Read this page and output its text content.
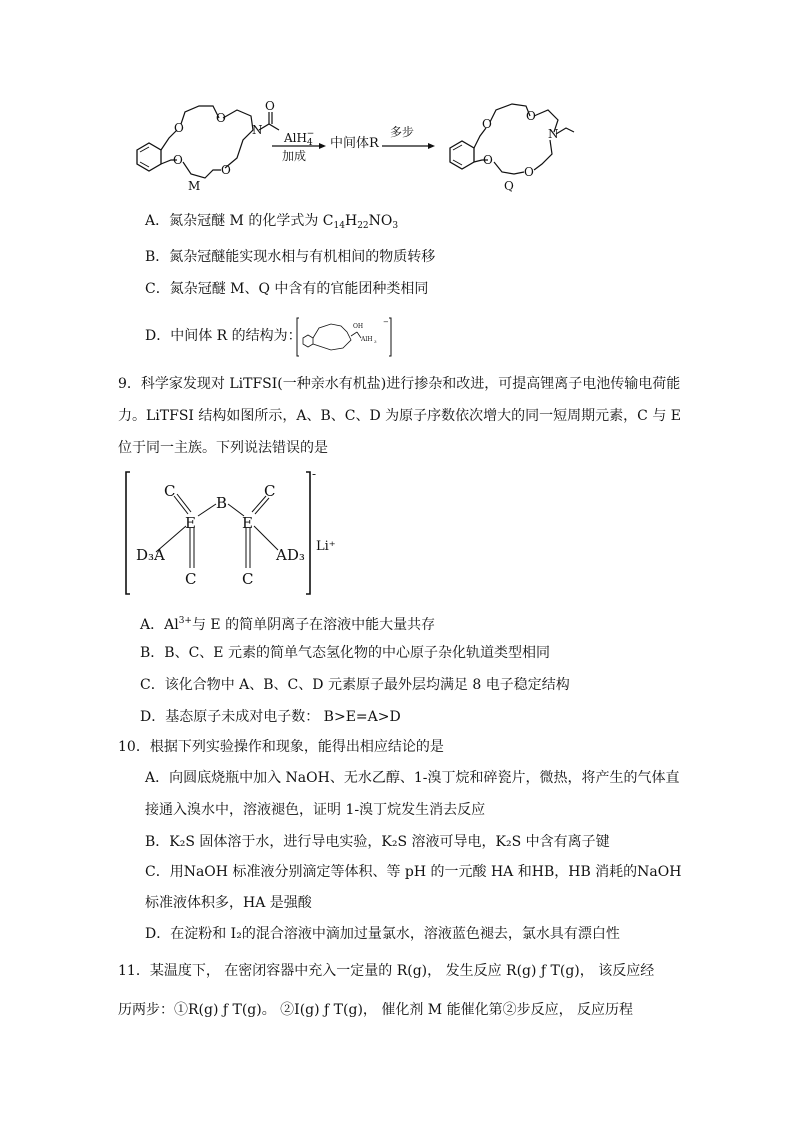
O
O
O
O
N
O
M
AlH$_4$−
加成
中间体R
多步
O
O
O
O
N
Q
A．氮杂冠醚 M 的化学式为 $C_{14}H_{22}NO_3$
B．氮杂冠醚能实现水相与有机相间的物质转移
C．氮杂冠醚 M、Q 中含有的官能团种类相同
D．中间体 R 的结构为：
OH
AlH 3
−
9．科学家发现对 LiTFSI(一种亲水有机盐)进行掺杂和改进，可提高锂离子电池传输电荷能
力。LiTFSI 结构如图所示，A、B、C、D 为原子序数依次增大的同一短周期元素，C 与 E
位于同一主族。下列说法错误的是
C
B
C
E	E
D₃A	AD₃
C	C
-
Li⁺
A．$Al^{3+}$与 E 的简单阴离子在溶液中能大量共存
B．B、C、E 元素的简单气态氢化物的中心原子杂化轨道类型相同
C．该化合物中 A、B、C、D 元素原子最外层均满足 8 电子稳定结构
D．基态原子未成对电子数： B>E=A>D
10．根据下列实验操作和现象，能得出相应结论的是
A．向圆底烧瓶中加入 NaOH、无水乙醇、1-溴丁烷和碎瓷片，微热，将产生的气体直
接通入溴水中，溶液褪色，证明 1-溴丁烷发生消去反应
B．K₂S 固体溶于水，进行导电实验，K₂S 溶液可导电，K₂S 中含有离子键
C．用NaOH 标准液分别滴定等体积、等 pH 的一元酸 HA 和HB，HB 消耗的NaOH
标准液体积多，HA 是强酸
D．在淀粉和 I₂的混合溶液中滴加过量氯水，溶液蓝色褪去，氯水具有漂白性
11．某温度下， 在密闭容器中充入一定量的 R(g)， 发生反应 R(g) ƒ T(g)， 该反应经
历两步：①R(g) ƒ T(g)。 ②I(g) ƒ T(g)， 催化剂 M 能催化第②步反应， 反应历程
